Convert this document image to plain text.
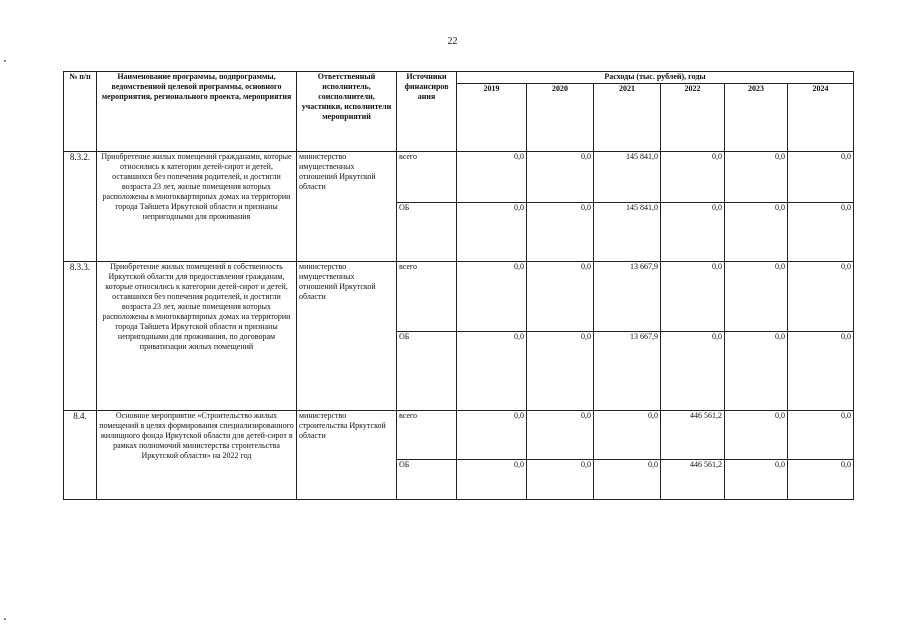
22
№ п/п	Наименование программы, подпрограммы, ведомственной целевой программы, основного мероприятия, регионального проекта, мероприятия	Ответственный исполнитель, соисполнители, участники, исполнители мероприятий	Источники финансиров ания	Расходы (тыс. рублей), годы					
				2019	2020	2021	2022	2023	2024
8.3.2.	Приобретение жилых помещений гражданами, которые относились к категории детей-сирот и детей, оставшихся без попечения родителей, и достигли возраста 23 лет, жилые помещения которых расположены в многоквартирных домах на территории города Тайшета Иркутской области и признаны непригодными для проживания	министерство имущественных отношений Иркутской области	всего	0,0	0,0	145 841,0	0,0	0,0	0,0
			ОБ	0,0	0,0	145 841,0	0,0	0,0	0,0
8.3.3.	Приобретение жилых помещений в собственность Иркутской области для предоставления гражданам, которые относились к категории детей-сирот и детей, оставшихся без попечения родителей, и достигли возраста 23 лет, жилые помещения которых расположены в многоквартирных домах на территории города Тайшета Иркутской области и признаны непригодными для проживания, по договорам приватизации жилых помещений	министерство имущественных отношений Иркутской области	всего	0,0	0,0	13 667,9	0,0	0,0	0,0
			ОБ	0,0	0,0	13 667,9	0,0	0,0	0,0
8.4.	Основное мероприятие «Строительство жилых помещений в целях формирования специализированного жилищного фонда Иркутской области для детей-сирот в рамках полномочий министерства строительства Иркутской области» на 2022 год	министерство строительства Иркутской области	всего	0,0	0,0	0,0	446 561,2	0,0	0,0
			ОБ	0,0	0,0	0,0	446 561,2	0,0	0,0
